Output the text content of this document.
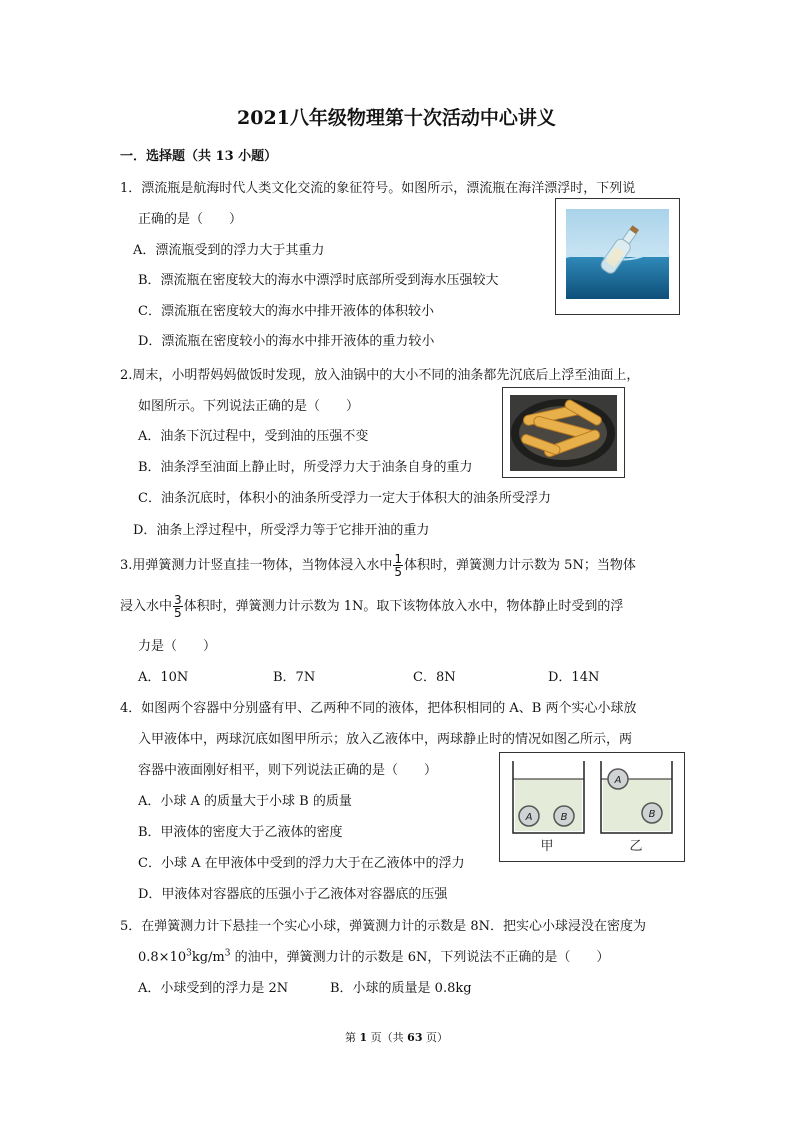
2021八年级物理第十次活动中心讲义
一．选择题（共 13 小题）
1．漂流瓶是航海时代人类文化交流的象征符号。如图所示，漂流瓶在海洋漂浮时，下列说
正确的是（　　）
A．漂流瓶受到的浮力大于其重力
B．漂流瓶在密度较大的海水中漂浮时底部所受到海水压强较大
C．漂流瓶在密度较大的海水中排开液体的体积较小
D．漂流瓶在密度较小的海水中排开液体的重力较小
2.周末，小明帮妈妈做饭时发现，放入油锅中的大小不同的油条都先沉底后上浮至油面上，
如图所示。下列说法正确的是（　　）
A．油条下沉过程中，受到油的压强不变
B．油条浮至油面上静止时，所受浮力大于油条自身的重力
C．油条沉底时，体积小的油条所受浮力一定大于体积大的油条所受浮力
D．油条上浮过程中，所受浮力等于它排开油的重力
3.用弹簧测力计竖直挂一物体，当物体浸入水中 $\frac{1}{5}$ 体积时，弹簧测力计示数为 5N；当物体
浸入水中 $\frac{3}{5}$ 体积时，弹簧测力计示数为 1N。取下该物体放入水中，物体静止时受到的浮
力是（　　）
A．10N	B．7N	C．8N	D．14N
4．如图两个容器中分别盛有甲、乙两种不同的液体，把体积相同的 A、B 两个实心小球放
入甲液体中，两球沉底如图甲所示；放入乙液体中，两球静止时的情况如图乙所示，两
容器中液面刚好相平，则下列说法正确的是（　　）
A．小球 A 的质量大于小球 B 的质量
B．甲液体的密度大于乙液体的密度
C．小球 A 在甲液体中受到的浮力大于在乙液体中的浮力
D．甲液体对容器底的压强小于乙液体对容器底的压强
A	B
甲
A
B
乙
5．在弹簧测力计下悬挂一个实心小球，弹簧测力计的示数是 8N．把实心小球浸没在密度为
$0.8\times 10^3kg/m^3$ 的油中，弹簧测力计的示数是 6N，下列说法不正确的是（　　）
A．小球受到的浮力是 2N	B．小球的质量是 0.8kg
第 1 页（共 63 页）
